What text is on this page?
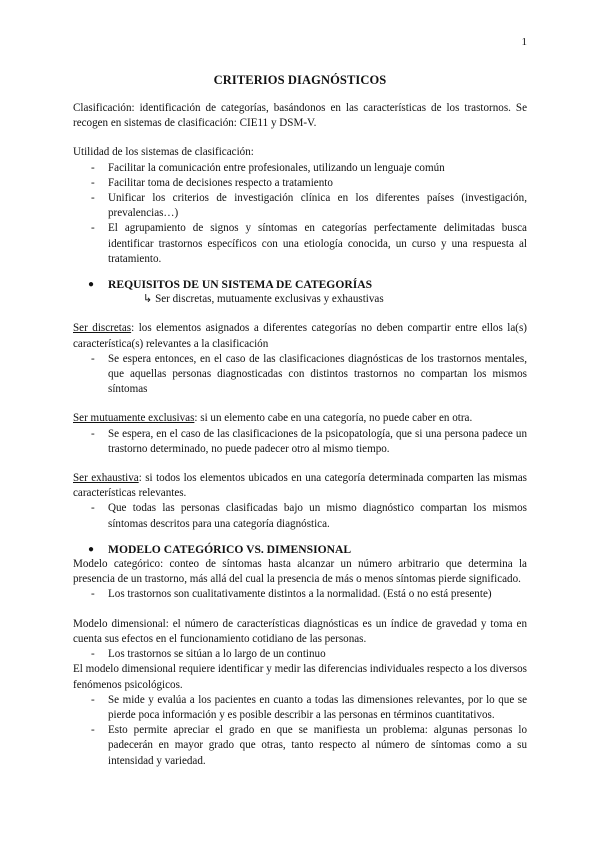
1
CRITERIOS DIAGNÓSTICOS

Clasificación: identificación de categorías, basándonos en las características de los trastornos. Se recogen en sistemas de clasificación: CIE11 y DSM-V.

Utilidad de los sistemas de clasificación:

- Facilitar la comunicación entre profesionales, utilizando un lenguaje común
- Facilitar toma de decisiones respecto a tratamiento
- Unificar los criterios de investigación clínica en los diferentes países (investigación, prevalencias…)
- El agrupamiento de signos y síntomas en categorías perfectamente delimitadas busca identificar trastornos específicos con una etiología conocida, un curso y una respuesta al tratamiento.

● REQUISITOS DE UN SISTEMA DE CATEGORÍAS

↳ Ser discretas, mutuamente exclusivas y exhaustivas

Ser discretas: los elementos asignados a diferentes categorías no deben compartir entre ellos la(s) característica(s) relevantes a la clasificación

- Se espera entonces, en el caso de las clasificaciones diagnósticas de los trastornos mentales, que aquellas personas diagnosticadas con distintos trastornos no compartan los mismos síntomas

Ser mutuamente exclusivas: si un elemento cabe en una categoría, no puede caber en otra.

- Se espera, en el caso de las clasificaciones de la psicopatología, que si una persona padece un trastorno determinado, no puede padecer otro al mismo tiempo.

Ser exhaustiva: si todos los elementos ubicados en una categoría determinada comparten las mismas características relevantes.

- Que todas las personas clasificadas bajo un mismo diagnóstico compartan los mismos síntomas descritos para una categoría diagnóstica.

● MODELO CATEGÓRICO VS. DIMENSIONAL

Modelo categórico: conteo de síntomas hasta alcanzar un número arbitrario que determina la presencia de un trastorno, más allá del cual la presencia de más o menos síntomas pierde significado.

- Los trastornos son cualitativamente distintos a la normalidad. (Está o no está presente)

Modelo dimensional: el número de características diagnósticas es un índice de gravedad y toma en cuenta sus efectos en el funcionamiento cotidiano de las personas.

- Los trastornos se sitúan a lo largo de un continuo

El modelo dimensional requiere identificar y medir las diferencias individuales respecto a los diversos fenómenos psicológicos.

- Se mide y evalúa a los pacientes en cuanto a todas las dimensiones relevantes, por lo que se pierde poca información y es posible describir a las personas en términos cuantitativos.
- Esto permite apreciar el grado en que se manifiesta un problema: algunas personas lo padecerán en mayor grado que otras, tanto respecto al número de síntomas como a su intensidad y variedad.
